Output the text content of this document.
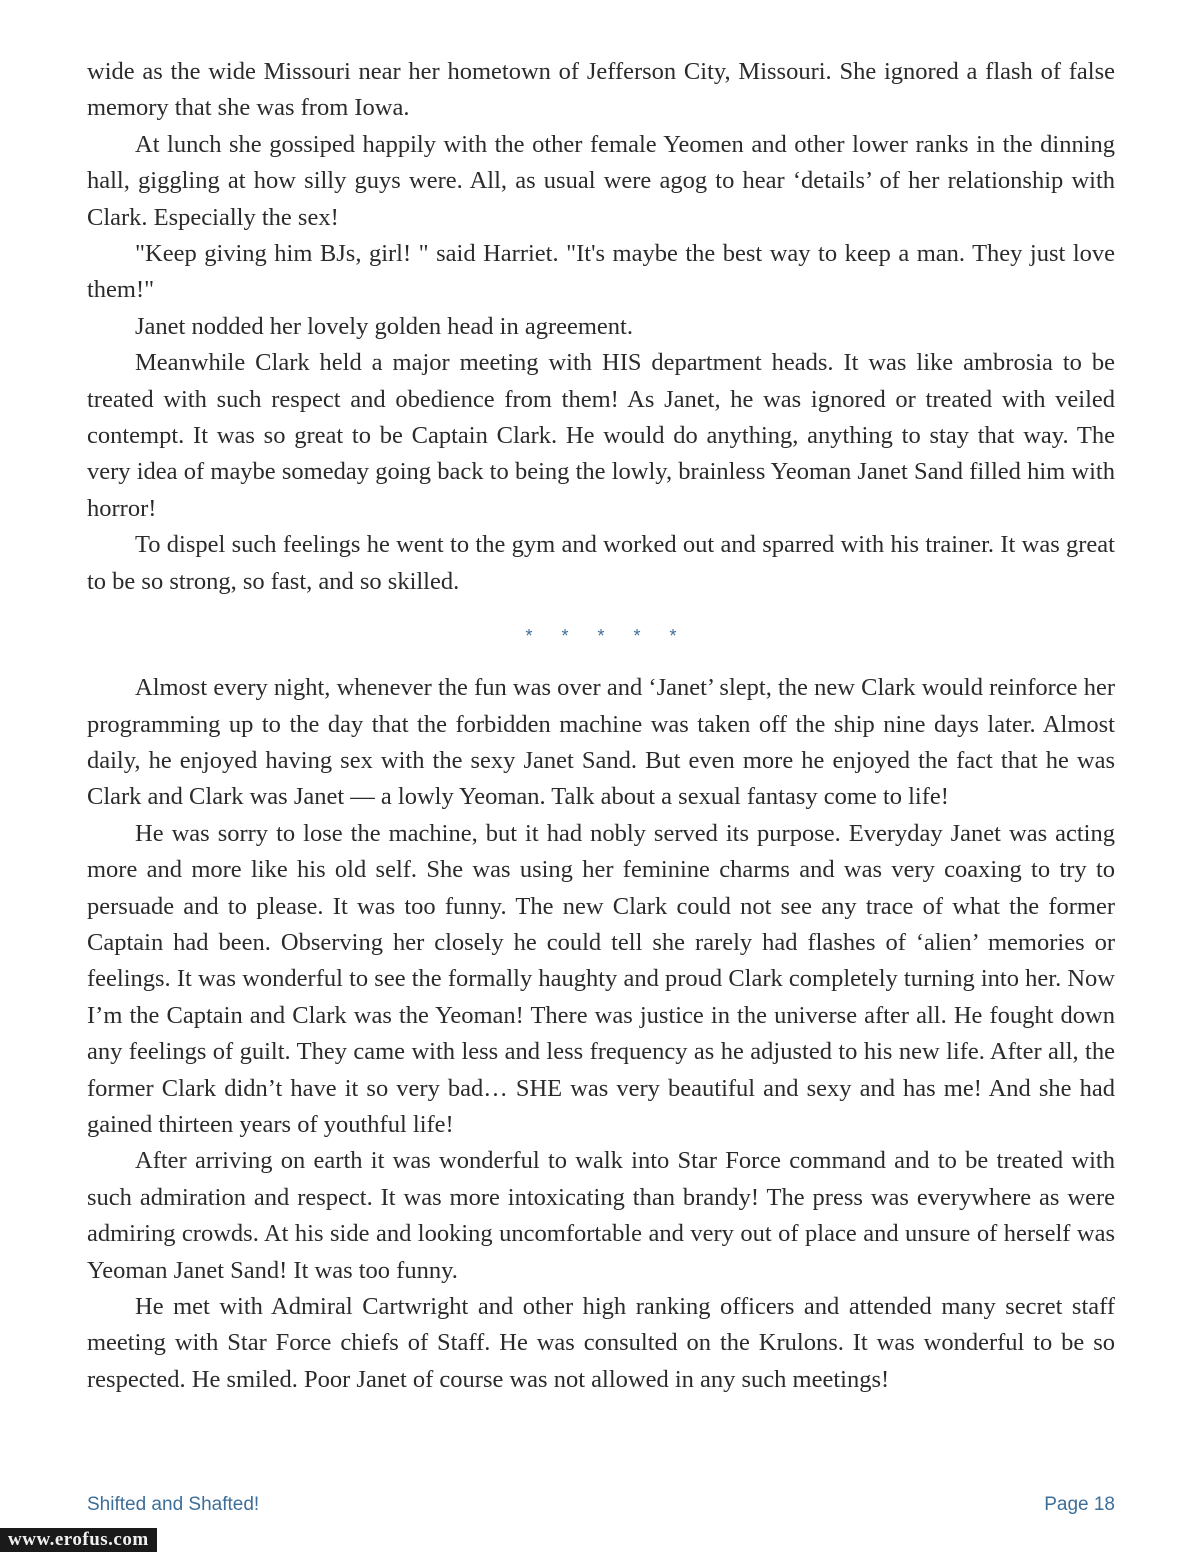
wide as the wide Missouri near her hometown of Jefferson City, Missouri. She ignored a flash of false memory that she was from Iowa.

At lunch she gossiped happily with the other female Yeomen and other lower ranks in the dinning hall, giggling at how silly guys were. All, as usual were agog to hear ‘details’ of her relationship with Clark. Especially the sex!

"Keep giving him BJs, girl! " said Harriet. "It's maybe the best way to keep a man. They just love them!"

Janet nodded her lovely golden head in agreement.

Meanwhile Clark held a major meeting with HIS department heads. It was like ambrosia to be treated with such respect and obedience from them! As Janet, he was ignored or treated with veiled contempt. It was so great to be Captain Clark. He would do anything, anything to stay that way. The very idea of maybe someday going back to being the lowly, brainless Yeoman Janet Sand filled him with horror!

To dispel such feelings he went to the gym and worked out and sparred with his trainer. It was great to be so strong, so fast, and so skilled.

* * * * *

Almost every night, whenever the fun was over and ‘Janet’ slept, the new Clark would reinforce her programming up to the day that the forbidden machine was taken off the ship nine days later. Almost daily, he enjoyed having sex with the sexy Janet Sand. But even more he enjoyed the fact that he was Clark and Clark was Janet — a lowly Yeoman. Talk about a sexual fantasy come to life!

He was sorry to lose the machine, but it had nobly served its purpose. Everyday Janet was acting more and more like his old self. She was using her feminine charms and was very coaxing to try to persuade and to please. It was too funny. The new Clark could not see any trace of what the former Captain had been. Observing her closely he could tell she rarely had flashes of ‘alien’ memories or feelings. It was wonderful to see the formally haughty and proud Clark completely turning into her. Now I’m the Captain and Clark was the Yeoman! There was justice in the universe after all. He fought down any feelings of guilt. They came with less and less frequency as he adjusted to his new life. After all, the former Clark didn’t have it so very bad… SHE was very beautiful and sexy and has me! And she had gained thirteen years of youthful life!

After arriving on earth it was wonderful to walk into Star Force command and to be treated with such admiration and respect. It was more intoxicating than brandy! The press was everywhere as were admiring crowds. At his side and looking uncomfortable and very out of place and unsure of herself was Yeoman Janet Sand! It was too funny.

He met with Admiral Cartwright and other high ranking officers and attended many secret staff meeting with Star Force chiefs of Staff. He was consulted on the Krulons. It was wonderful to be so respected. He smiled. Poor Janet of course was not allowed in any such meetings!

Shifted and Shafted!	Page 18
www.erofus.com
